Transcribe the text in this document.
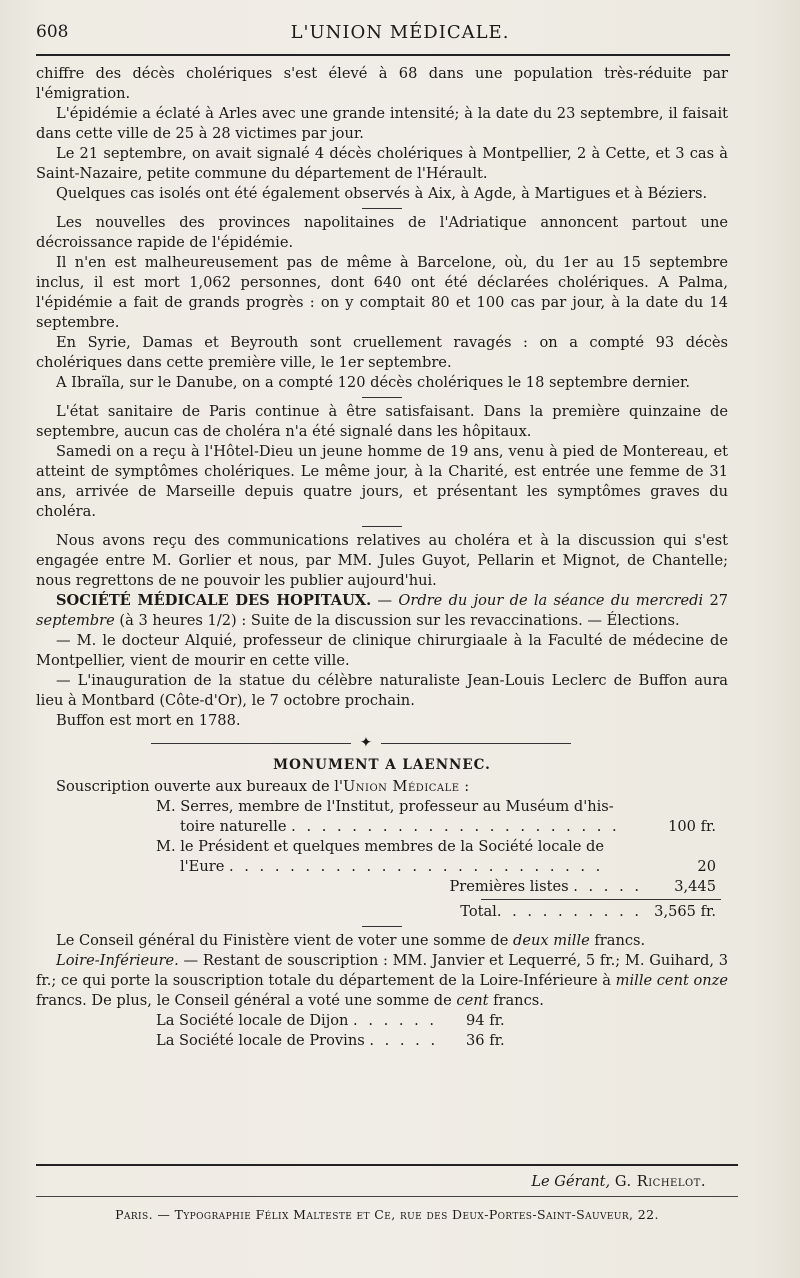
608	L'UNION MÉDICALE.

chiffre des décès cholériques s'est élevé à 68 dans une population très-réduite par l'émigration.

L'épidémie a éclaté à Arles avec une grande intensité; à la date du 23 septembre, il faisait dans cette ville de 25 à 28 victimes par jour.

Le 21 septembre, on avait signalé 4 décès cholériques à Montpellier, 2 à Cette, et 3 cas à Saint-Nazaire, petite commune du département de l'Hérault.

Quelques cas isolés ont été également observés à Aix, à Agde, à Martigues et à Béziers.

Les nouvelles des provinces napolitaines de l'Adriatique annoncent partout une décroissance rapide de l'épidémie.

Il n'en est malheureusement pas de même à Barcelone, où, du 1er au 15 septembre inclus, il est mort 1,062 personnes, dont 640 ont été déclarées cholériques. A Palma, l'épidémie a fait de grands progrès : on y comptait 80 et 100 cas par jour, à la date du 14 septembre.

En Syrie, Damas et Beyrouth sont cruellement ravagés : on a compté 93 décès cholériques dans cette première ville, le 1er septembre.

A Ibraïla, sur le Danube, on a compté 120 décès cholériques le 18 septembre dernier.

L'état sanitaire de Paris continue à être satisfaisant. Dans la première quinzaine de septembre, aucun cas de choléra n'a été signalé dans les hôpitaux.

Samedi on a reçu à l'Hôtel-Dieu un jeune homme de 19 ans, venu à pied de Montereau, et atteint de symptômes cholériques. Le même jour, à la Charité, est entrée une femme de 31 ans, arrivée de Marseille depuis quatre jours, et présentant les symptômes graves du choléra.

Nous avons reçu des communications relatives au choléra et à la discussion qui s'est engagée entre M. Gorlier et nous, par MM. Jules Guyot, Pellarin et Mignot, de Chantelle; nous regrettons de ne pouvoir les publier aujourd'hui.

SOCIÉTÉ MÉDICALE DES HOPITAUX. — Ordre du jour de la séance du mercredi 27 septembre (à 3 heures 1/2) : Suite de la discussion sur les revaccinations. — Élections.

— M. le docteur Alquié, professeur de clinique chirurgiaale à la Faculté de médecine de Montpellier, vient de mourir en cette ville.

— L'inauguration de la statue du célèbre naturaliste Jean-Louis Leclerc de Buffon aura lieu à Montbard (Côte-d'Or), le 7 octobre prochain.

Buffon est mort en 1788.

✦

MONUMENT A LAENNEC.

Souscription ouverte aux bureaux de l'Union Médicale :

M. Serres, membre de l'Institut, professeur au Muséum d'his-
toire naturelle . . . . . . . . . . . . . . . . . . . . . .	100 fr.
M. le Président et quelques membres de la Société locale de
l'Eure . . . . . . . . . . . . . . . . . . . . . . . . .	20
Premières listes . . . . .	3,445
Total. . . . . . . . . . 3,565 fr.

Le Conseil général du Finistère vient de voter une somme de deux mille francs.

Loire-Inférieure. — Restant de souscription : MM. Janvier et Lequerré, 5 fr.; M. Guihard, 3 fr.; ce qui porte la souscription totale du département de la Loire-Inférieure à mille cent onze francs. De plus, le Conseil général a voté une somme de cent francs.

La Société locale de Dijon . . . . . .	94 fr.
La Société locale de Provins . . . . .	36 fr.
Le Gérant, G. Richelot.
Paris. — Typographie Félix Malteste et Ce, rue des Deux-Portes-Saint-Sauveur, 22.
